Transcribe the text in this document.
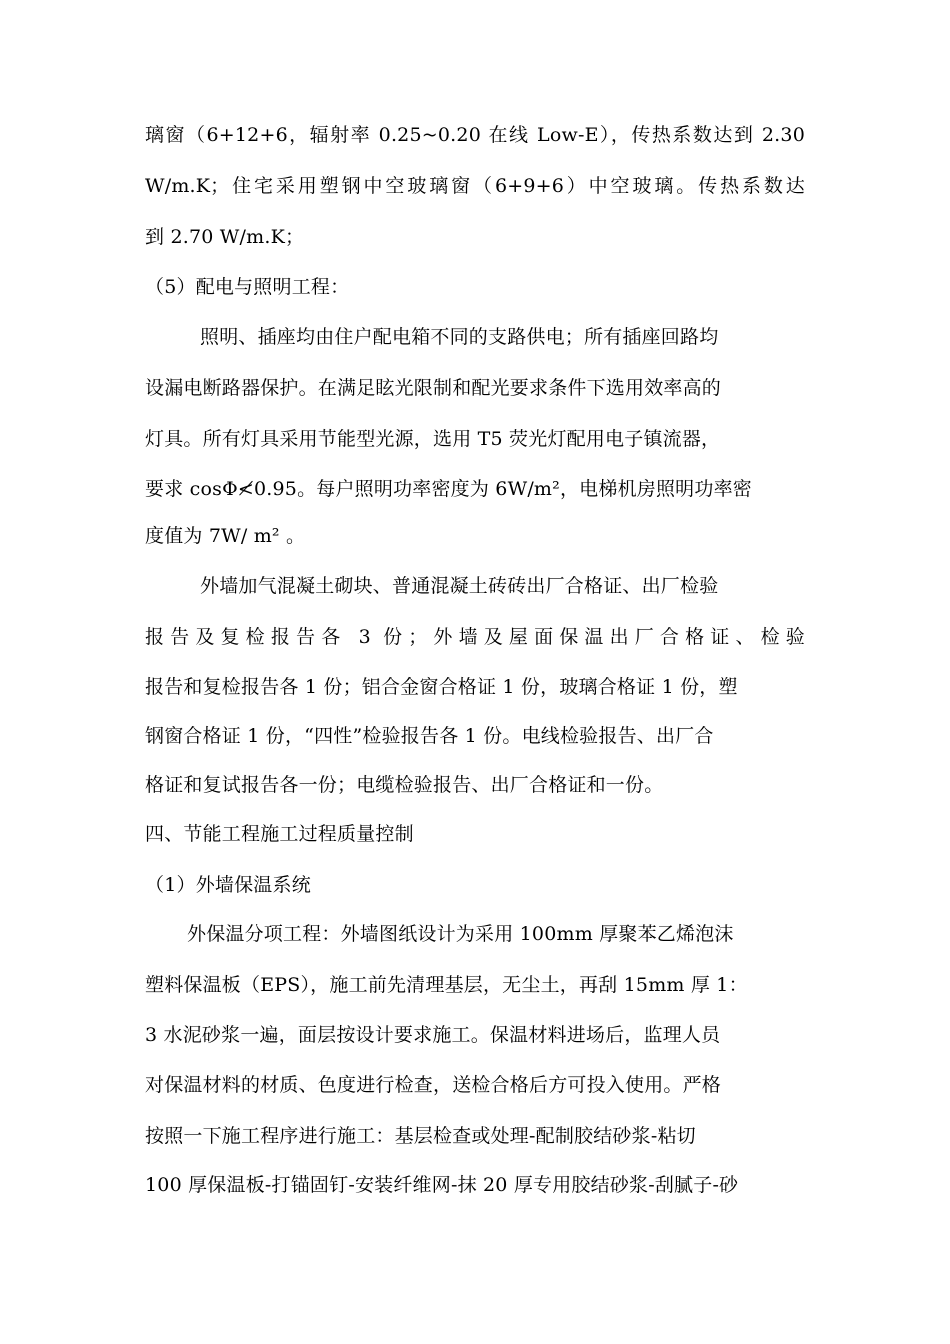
璃窗（6+12+6，辐射率 0.25~0.20 在线 Low-E），传热系数达到 2.30
W/m.K；住宅采用塑钢中空玻璃窗（6+9+6）中空玻璃。传热系数达
到 2.70 W/m.K；
（5）配电与照明工程：
照明、插座均由住户配电箱不同的支路供电；所有插座回路均
设漏电断路器保护。在满足眩光限制和配光要求条件下选用效率高的
灯具。所有灯具采用节能型光源，选用 T5 荧光灯配用电子镇流器，
要求 cosΦ≮0.95。每户照明功率密度为 6W/m²，电梯机房照明功率密
度值为 7W/ m² 。
外墙加气混凝土砌块、普通混凝土砖砖出厂合格证、出厂检验
报告及复检报告各 3 份；外墙及屋面保温出厂合格证、检验
报告和复检报告各 1 份；铝合金窗合格证 1 份，玻璃合格证 1 份，塑
钢窗合格证 1 份，“四性”检验报告各 1 份。电线检验报告、出厂合
格证和复试报告各一份；电缆检验报告、出厂合格证和一份。
四、节能工程施工过程质量控制
（1）外墙保温系统
外保温分项工程：外墙图纸设计为采用 100mm 厚聚苯乙烯泡沫
塑料保温板（EPS），施工前先清理基层，无尘土，再刮 15mm 厚 1：
3 水泥砂浆一遍，面层按设计要求施工。保温材料进场后，监理人员
对保温材料的材质、色度进行检查，送检合格后方可投入使用。严格
按照一下施工程序进行施工：基层检查或处理-配制胶结砂浆-粘切
100 厚保温板-打锚固钉-安装纤维网-抹 20 厚专用胶结砂浆-刮腻子-砂
